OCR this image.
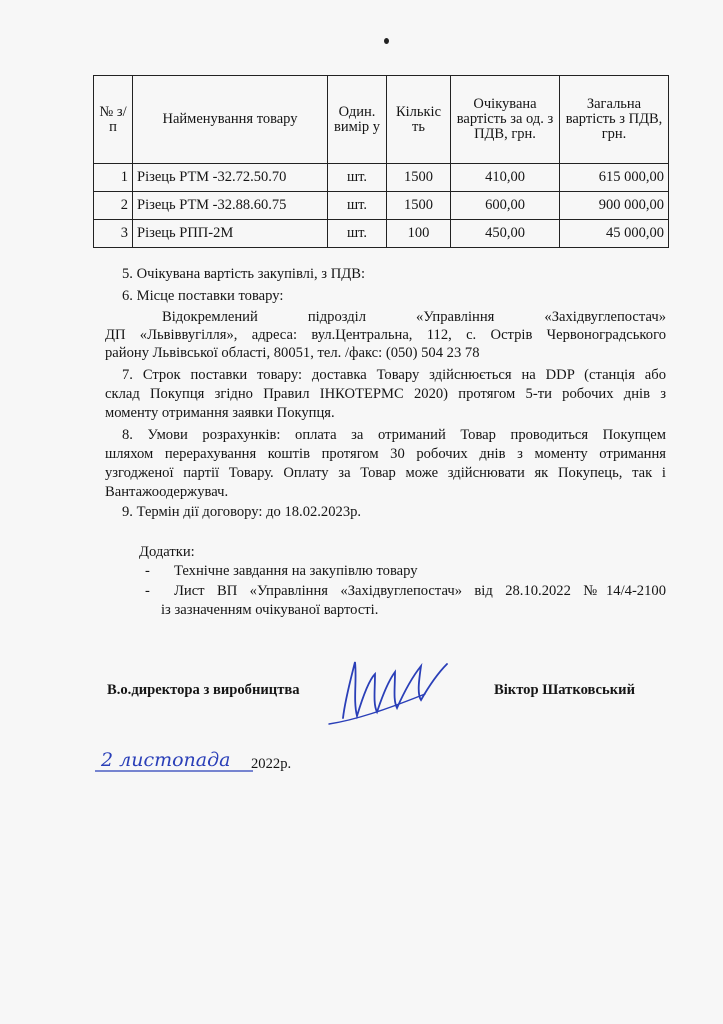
№ з/п	Найменування товару	Один. вимір у	Кількіс ть	Очікувана вартість за од. з ПДВ, грн.	Загальна вартість з ПДВ, грн.
1	Різець РТМ -32.72.50.70	шт.	1500	410,00	615 000,00
2	Різець РТМ -32.88.60.75	шт.	1500	600,00	900 000,00
3	Різець РПП-2М	шт.	100	450,00	45 000,00
5. Очікувана вартість закупівлі, з ПДВ:
6. Місце поставки товару:
Відокремлений підрозділ «Управління «Західвуглепостач»
ДП «Львіввугілля», адреса: вул.Центральна, 112, с. Острів Червоноградського
району Львівської області, 80051, тел. /факс: (050) 504 23 78
7. Строк поставки товару: доставка Товару здійснюється на DDP (станція або
склад Покупця згідно Правил ІНКОТЕРМС 2020) протягом 5-ти робочих днів з
моменту отримання заявки Покупця.
8. Умови розрахунків: оплата за отриманий Товар проводиться Покупцем
шляхом перерахування коштів протягом 30 робочих днів з моменту отримання
узгодженої партії Товару. Оплату за Товар може здійснювати як Покупець, так і
Вантажоодержувач.
9. Термін дії договору: до 18.02.2023р.
Додатки:
- Технічне завдання на закупівлю товару
- Лист ВП «Управління «Західвуглепостач» від 28.10.2022 №14/4-2100
із зазначенням очікуваної вартості.
В.о.директора з виробництва	Віктор Шатковський
2 листопада 2022р.
